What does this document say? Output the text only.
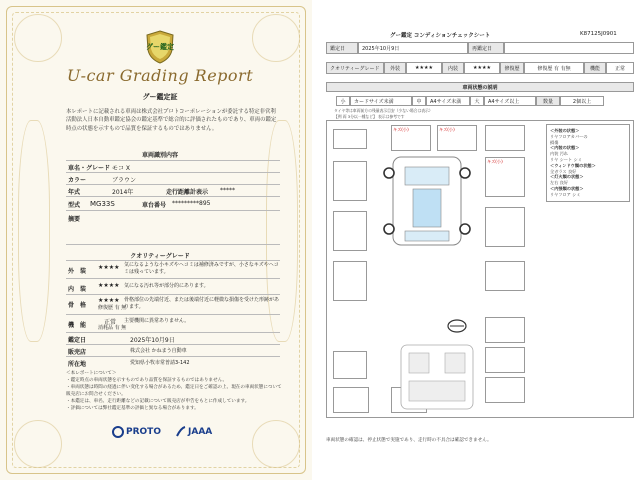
グー鑑定
U-car Grading Report
グー鑑定証
本レポートに記載される車両は株式会社プロトコーポレーションが委託する特定非営利活動法人日本自動車鑑定協会の鑑定基準で総合的に評価されたものであり、車両の鑑定時点の状態を示すもので品質を保証するものではありません。
車両識別内容
車名・グレード モコ X
カラー	ブラウン
年式	2014年	走行距離計表示 *****
型式 MG33S	車台番号 *********895
摘要
クオリティーグレード
外　装
★★★★ 気になるような小キズやヘコミは補修済みですが、小さなキズやヘコミは残っています。
内　装
★★★★ 気になる汚れ等が部分的にあります。
骨　格
★★★★
修復歴 有 無
骨格部位の先端付近、または後端付近に軽微な損傷を受けた形跡があります。
機　能	正常
消耗品 有 無
主要機関に異常ありません。
鑑定日	2025年10月9日
販売店	株式会社 かねまう自動車
所在地	愛知県小牧市常普請3-142
＜本レポートについて＞
・鑑定時点の車両状態を示すものであり品質を保証するものではありません。
・車両状態は時間の経過に伴い変化する場合があるため、鑑定日をご確認の上、現在の車両状態について販売店にお問合せください。
・本鑑定は、車名、走行距離などの記載について販売店が申告をもとに作成しています。
・評価については弊社鑑定基準の評価と異なる場合があります。
PROTO	JAAA
グー鑑定 コンディションチェックシート	K87125J0901
鑑定日	2025年10月9日	再鑑定日
クオリティーグレード	外装	★★★★	内装	★★★★	修復歴	修復歴 有 有無	機能	正常
車両状態の説明
小	カードサイズ未満	中	A4サイズ未満	大	A4サイズ以上	数量	2個以上
タイヤ等は車両前方の残量表示目安（少ない場合は表示）
【例 両 3分以一種など】 表示は参考です
キズ(小)	キズ(小)
キズ(小)
＜外装の状態＞
リヤフロアカバーの
損傷
＜内装の状態＞
内装 汚れ
リヤ シート シミ
＜ウィンドウ類の状態＞
全ガラス 良好
＜灯火類の状態＞
左右 良好
＜内張類の状態＞
リヤフロア シミ
車両状態の確認は、停止状態で実施であり、走行時の不具合は確認できません。
